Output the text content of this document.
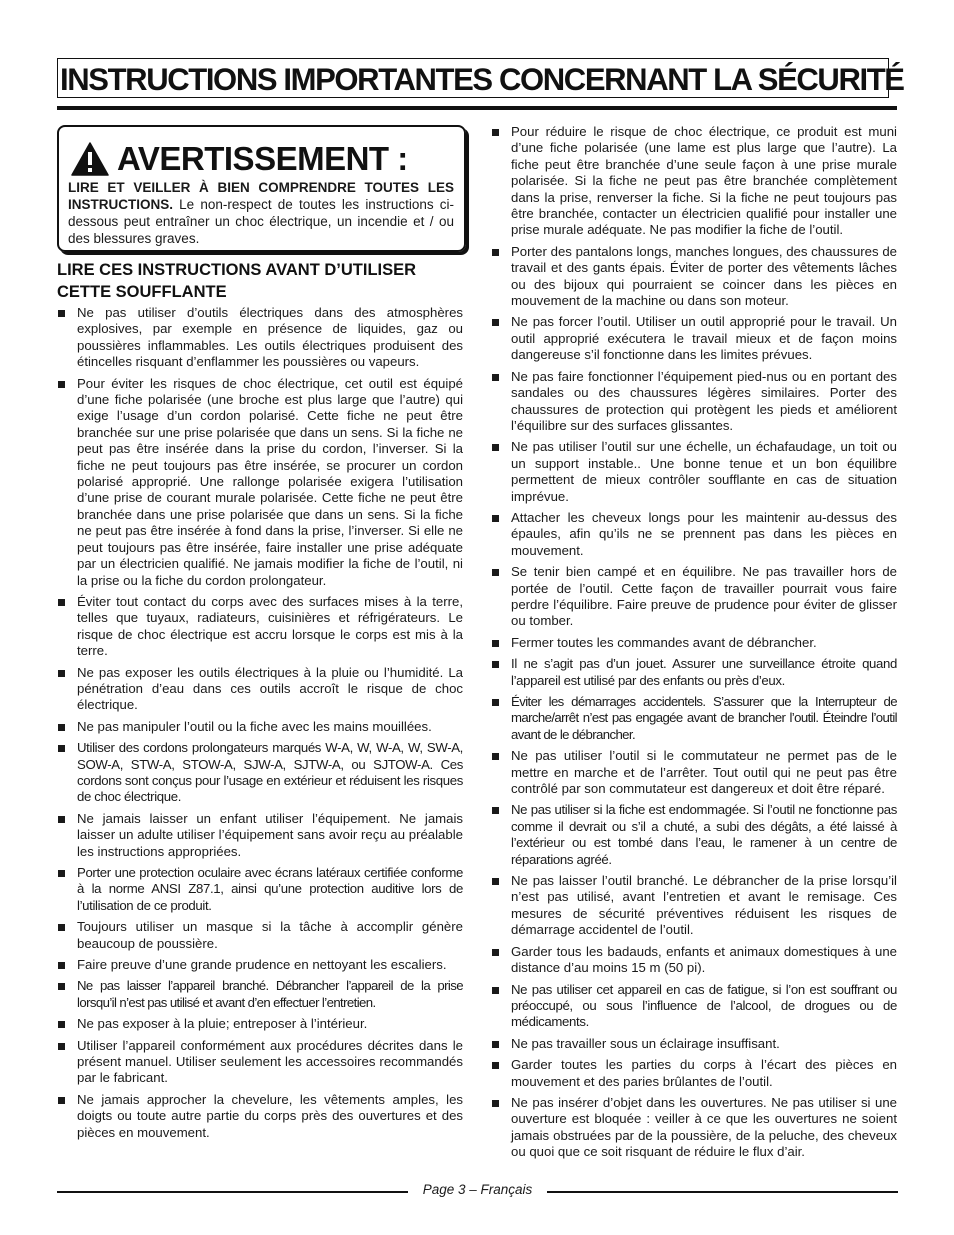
INSTRUCTIONS IMPORTANTES CONCERNANT LA SÉCURITÉ
AVERTISSEMENT :
LIRE ET VEILLER À BIEN COMPRENDRE TOUTES LES INSTRUCTIONS. Le non-respect de toutes les instructions ci-dessous peut entraîner un choc électrique, un incendie et / ou des blessures graves.
LIRE CES INSTRUCTIONS AVANT D’UTILISER CETTE SOUFFLANTE
Ne pas utiliser d’outils électriques dans des atmosphères explosives, par exemple en présence de liquides, gaz ou poussières inflammables. Les outils électriques produisent des étincelles risquant d’enflammer les poussières ou vapeurs.
Pour éviter les risques de choc électrique, cet outil est équipé d’une fiche polarisée (une broche est plus large que l’autre) qui exige l’usage d’un cordon polarisé. Cette fiche ne peut être branchée sur une prise polarisée que dans un sens. Si la fiche ne peut pas être insérée dans la prise du cordon, l’inverser. Si la fiche ne peut toujours pas être insérée, se procurer un cordon polarisé approprié. Une rallonge polarisée exigera l’utilisation d’une prise de courant murale polarisée. Cette fiche ne peut être branchée dans une prise polarisée que dans un sens. Si la fiche ne peut pas être insérée à fond dans la prise, l’inverser. Si elle ne peut toujours pas être insérée, faire installer une prise adéquate par un électricien qualifié. Ne jamais modifier la fiche de l’outil, ni la prise ou la fiche du cordon prolongateur.
Éviter tout contact du corps avec des surfaces mises à la terre, telles que tuyaux, radiateurs, cuisinières et réfrigérateurs. Le risque de choc électrique est accru lorsque le corps est mis à la terre.
Ne pas exposer les outils électriques à la pluie ou l’humidité. La pénétration d’eau dans ces outils accroît le risque de choc électrique.
Ne pas manipuler l’outil ou la fiche avec les mains mouillées.
Utiliser des cordons prolongateurs marqués W-A, W, W-A, W, SW-A, SOW-A, STW-A, STOW-A, SJW-A, SJTW-A, ou SJTOW-A. Ces cordons sont conçus pour l’usage en extérieur et réduisent les risques de choc électrique.
Ne jamais laisser un enfant utiliser l’équipement. Ne jamais laisser un adulte utiliser l’équipement sans avoir reçu au préalable les instructions appropriées.
Porter une protection oculaire avec écrans latéraux certifiée conforme à la norme ANSI Z87.1, ainsi qu’une protection auditive lors de l’utilisation de ce produit.
Toujours utiliser un masque si la tâche à accomplir génère beaucoup de poussière.
Faire preuve d’une grande prudence en nettoyant les escaliers.
Ne pas laisser l’appareil branché. Débrancher l’appareil de la prise lorsqu’il n’est pas utilisé et avant d’en effectuer l’entretien.
Ne pas exposer à la pluie; entreposer à l’intérieur.
Utiliser l’appareil conformément aux procédures décrites dans le présent manuel. Utiliser seulement les accessoires recommandés par le fabricant.
Ne jamais approcher la chevelure, les vêtements amples, les doigts ou toute autre partie du corps près des ouvertures et des pièces en mouvement.
Pour réduire le risque de choc électrique, ce produit est muni d’une fiche polarisée (une lame est plus large que l’autre). La fiche peut être branchée d’une seule façon à une prise murale polarisée. Si la fiche ne peut pas être branchée complètement dans la prise, renverser la fiche. Si la fiche ne peut toujours pas être branchée, contacter un électricien qualifié pour installer une prise murale adéquate. Ne pas modifier la fiche de l’outil.
Porter des pantalons longs, manches longues, des chaussures de travail et des gants épais. Éviter de porter des vêtements lâches ou des bijoux qui pourraient se coincer dans les pièces en mouvement de la machine ou dans son moteur.
Ne pas forcer l’outil. Utiliser un outil approprié pour le travail. Un outil approprié exécutera le travail mieux et de façon moins dangereuse s’il fonctionne dans les limites prévues.
Ne pas faire fonctionner l’équipement pied-nus ou en portant des sandales ou des chaussures légères similaires. Porter des chaussures de protection qui protègent les pieds et améliorent l’équilibre sur des surfaces glissantes.
Ne pas utiliser l’outil sur une échelle, un échafaudage, un toit ou un support instable.. Une bonne tenue et un bon équilibre permettent de mieux contrôler soufflante en cas de situation imprévue.
Attacher les cheveux longs pour les maintenir au-dessus des épaules, afin qu’ils ne se prennent pas dans les pièces en mouvement.
Se tenir bien campé et en équilibre. Ne pas travailler hors de portée de l’outil. Cette façon de travailler pourrait vous faire perdre l’équilibre. Faire preuve de prudence pour éviter de glisser ou tomber.
Fermer toutes les commandes avant de débrancher.
Il ne s’agit pas d’un jouet. Assurer une surveillance étroite quand l’appareil est utilisé par des enfants ou près d’eux.
Éviter les démarrages accidentels. S’assurer que la Interrupteur de marche/arrêt n’est pas engagée avant de brancher l’outil. Éteindre l’outil avant de le débrancher.
Ne pas utiliser l’outil si le commutateur ne permet pas de le mettre en marche et de l’arrêter. Tout outil qui ne peut pas être contrôlé par son commutateur est dangereux et doit être réparé.
Ne pas utiliser si la fiche est endommagée. Si l’outil ne fonctionne pas comme il devrait ou s’il a chuté, a subi des dégâts, a été laissé à l’extérieur ou est tombé dans l’eau, le ramener à un centre de réparations agréé.
Ne pas laisser l’outil branché. Le débrancher de la prise lorsqu’il n’est pas utilisé, avant l’entretien et avant le remisage. Ces mesures de sécurité préventives réduisent les risques de démarrage accidentel de l’outil.
Garder tous les badauds, enfants et animaux domestiques à une distance d’au moins 15 m (50 pi).
Ne pas utiliser cet appareil en cas de fatigue, si l’on est souffrant ou préoccupé, ou sous l’influence de l’alcool, de drogues ou de médicaments.
Ne pas travailler sous un éclairage insuffisant.
Garder toutes les parties du corps à l’écart des pièces en mouvement et des paries brûlantes de l’outil.
Ne pas insérer d’objet dans les ouvertures. Ne pas utiliser si une ouverture est bloquée : veiller à ce que les ouvertures ne soient jamais obstruées par de la poussière, de la peluche, des cheveux ou quoi que ce soit risquant de réduire le flux d’air.
Page 3 – Français
